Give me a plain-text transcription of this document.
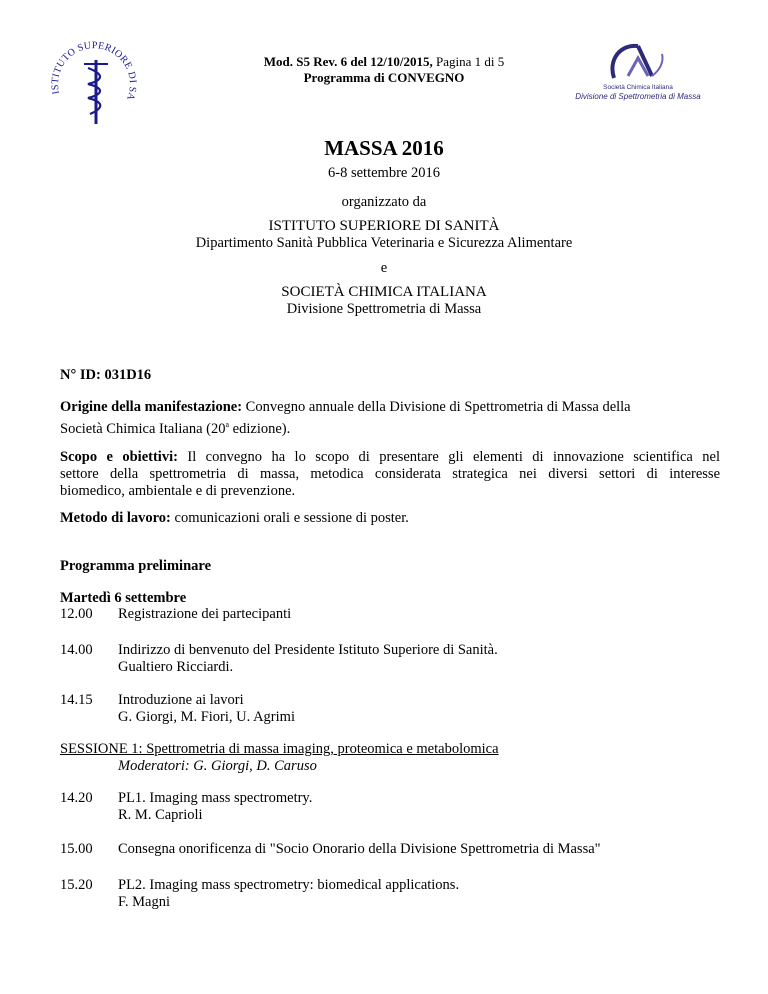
ISTITUTO SUPERIORE DI SA
Mod. S5 Rev. 6 del 12/10/2015, Pagina 1 di 5
Programma di CONVEGNO
Società Chimica Italiana
Divisione di Spettrometria di Massa
MASSA 2016
6-8 settembre 2016
organizzato da
ISTITUTO SUPERIORE DI SANITÀ
Dipartimento Sanità Pubblica Veterinaria e Sicurezza Alimentare
e
SOCIETÀ CHIMICA ITALIANA
Divisione Spettrometria di Massa
N° ID: 031D16
Origine della manifestazione: Convegno annuale della Divisione di Spettrometria di Massa della
Società Chimica Italiana (20$^a$ edizione).
Scopo e obiettivi: Il convegno ha lo scopo di presentare gli elementi di innovazione scientifica nel
settore della spettrometria di massa, metodica considerata strategica nei diversi settori di interesse
biomedico, ambientale e di prevenzione.
Metodo di lavoro: comunicazioni orali e sessione di poster.
Programma preliminare
Martedì 6 settembre
12.00 Registrazione dei partecipanti
14.00 Indirizzo di benvenuto del Presidente Istituto Superiore di Sanità.
Gualtiero Ricciardi.
14.15 Introduzione ai lavori
G. Giorgi, M. Fiori, U. Agrimi
SESSIONE 1: Spettrometria di massa imaging, proteomica e metabolomica
Moderatori: G. Giorgi, D. Caruso
14.20 PL1. Imaging mass spectrometry.
R. M. Caprioli
15.00 Consegna onorificenza di "Socio Onorario della Divisione Spettrometria di Massa"
15.20 PL2. Imaging mass spectrometry: biomedical applications.
F. Magni
